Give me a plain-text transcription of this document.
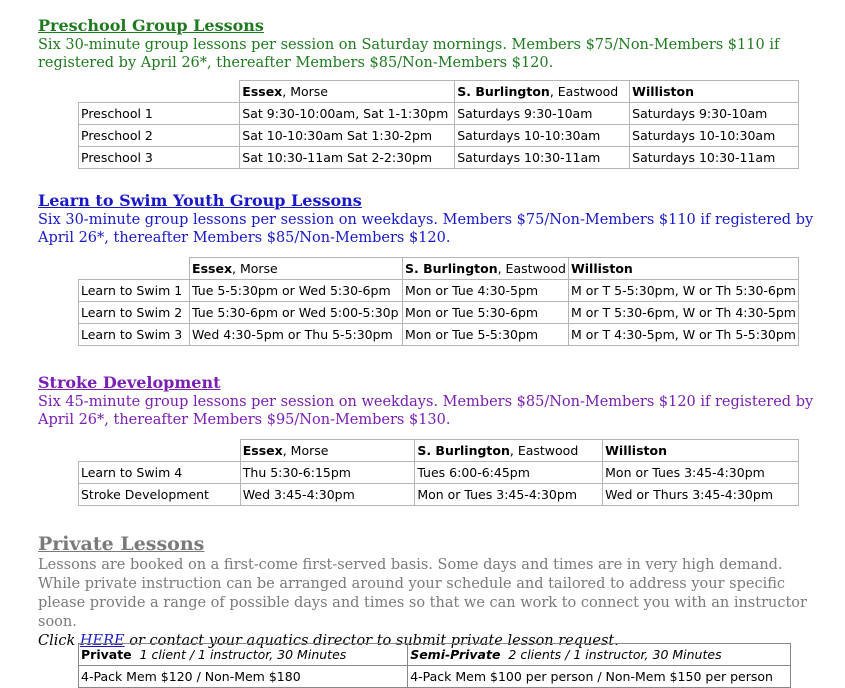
Preschool Group Lessons

Six 30-minute group lessons per session on Saturday mornings. Members $75/Non-Members $110 if registered by April 26*, thereafter Members $85/Non-Members $120.

	Essex, Morse	S. Burlington, Eastwood	Williston
Preschool 1	Sat 9:30-10:00am, Sat 1-1:30pm	Saturdays 9:30-10am	Saturdays 9:30-10am
Preschool 2	Sat 10-10:30am Sat 1:30-2pm	Saturdays 10-10:30am	Saturdays 10-10:30am
Preschool 3	Sat 10:30-11am Sat 2-2:30pm	Saturdays 10:30-11am	Saturdays 10:30-11am
Learn to Swim Youth Group Lessons

Six 30-minute group lessons per session on weekdays. Members $75/Non-Members $110 if registered by April 26*, thereafter Members $85/Non-Members $120.

	Essex, Morse	S. Burlington, Eastwood	Williston
Learn to Swim 1	Tue 5-5:30pm or Wed 5:30-6pm	Mon or Tue 4:30-5pm	M or T 5-5:30pm, W or Th 5:30-6pm
Learn to Swim 2	Tue 5:30-6pm or Wed 5:00-5:30p	Mon or Tue 5:30-6pm	M or T 5:30-6pm, W or Th 4:30-5pm
Learn to Swim 3	Wed 4:30-5pm or Thu 5-5:30pm	Mon or Tue 5-5:30pm	M or T 4:30-5pm, W or Th 5-5:30pm
Stroke Development

Six 45-minute group lessons per session on weekdays. Members $85/Non-Members $120 if registered by April 26*, thereafter Members $95/Non-Members $130.

	Essex, Morse	S. Burlington, Eastwood	Williston
Learn to Swim 4	Thu 5:30-6:15pm	Tues 6:00-6:45pm	Mon or Tues 3:45-4:30pm
Stroke Development	Wed 3:45-4:30pm	Mon or Tues 3:45-4:30pm	Wed or Thurs 3:45-4:30pm
Private Lessons

Lessons are booked on a first-come first-served basis. Some days and times are in very high demand. While private instruction can be arranged around your schedule and tailored to address your specific please provide a range of possible days and times so that we can work to connect you with an instructor soon.

Click HERE or contact your aquatics director to submit private lesson request.

Private 1 client / 1 instructor, 30 Minutes	Semi-Private 2 clients / 1 instructor, 30 Minutes
4-Pack Mem $120 / Non-Mem $180	4-Pack Mem $100 per person / Non-Mem $150 per person
